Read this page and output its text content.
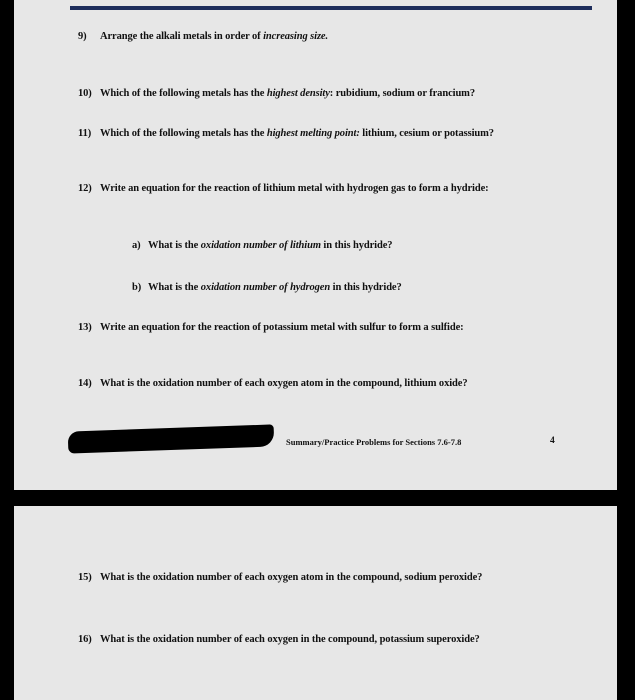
9) Arrange the alkali metals in order of increasing size.
10) Which of the following metals has the highest density: rubidium, sodium or francium?
11) Which of the following metals has the highest melting point: lithium, cesium or potassium?
12) Write an equation for the reaction of lithium metal with hydrogen gas to form a hydride:
a) What is the oxidation number of lithium in this hydride?
b) What is the oxidation number of hydrogen in this hydride?
13) Write an equation for the reaction of potassium metal with sulfur to form a sulfide:
14) What is the oxidation number of each oxygen atom in the compound, lithium oxide?
Summary/Practice Problems for Sections 7.6-7.8	4
15) What is the oxidation number of each oxygen atom in the compound, sodium peroxide?
16) What is the oxidation number of each oxygen in the compound, potassium superoxide?
